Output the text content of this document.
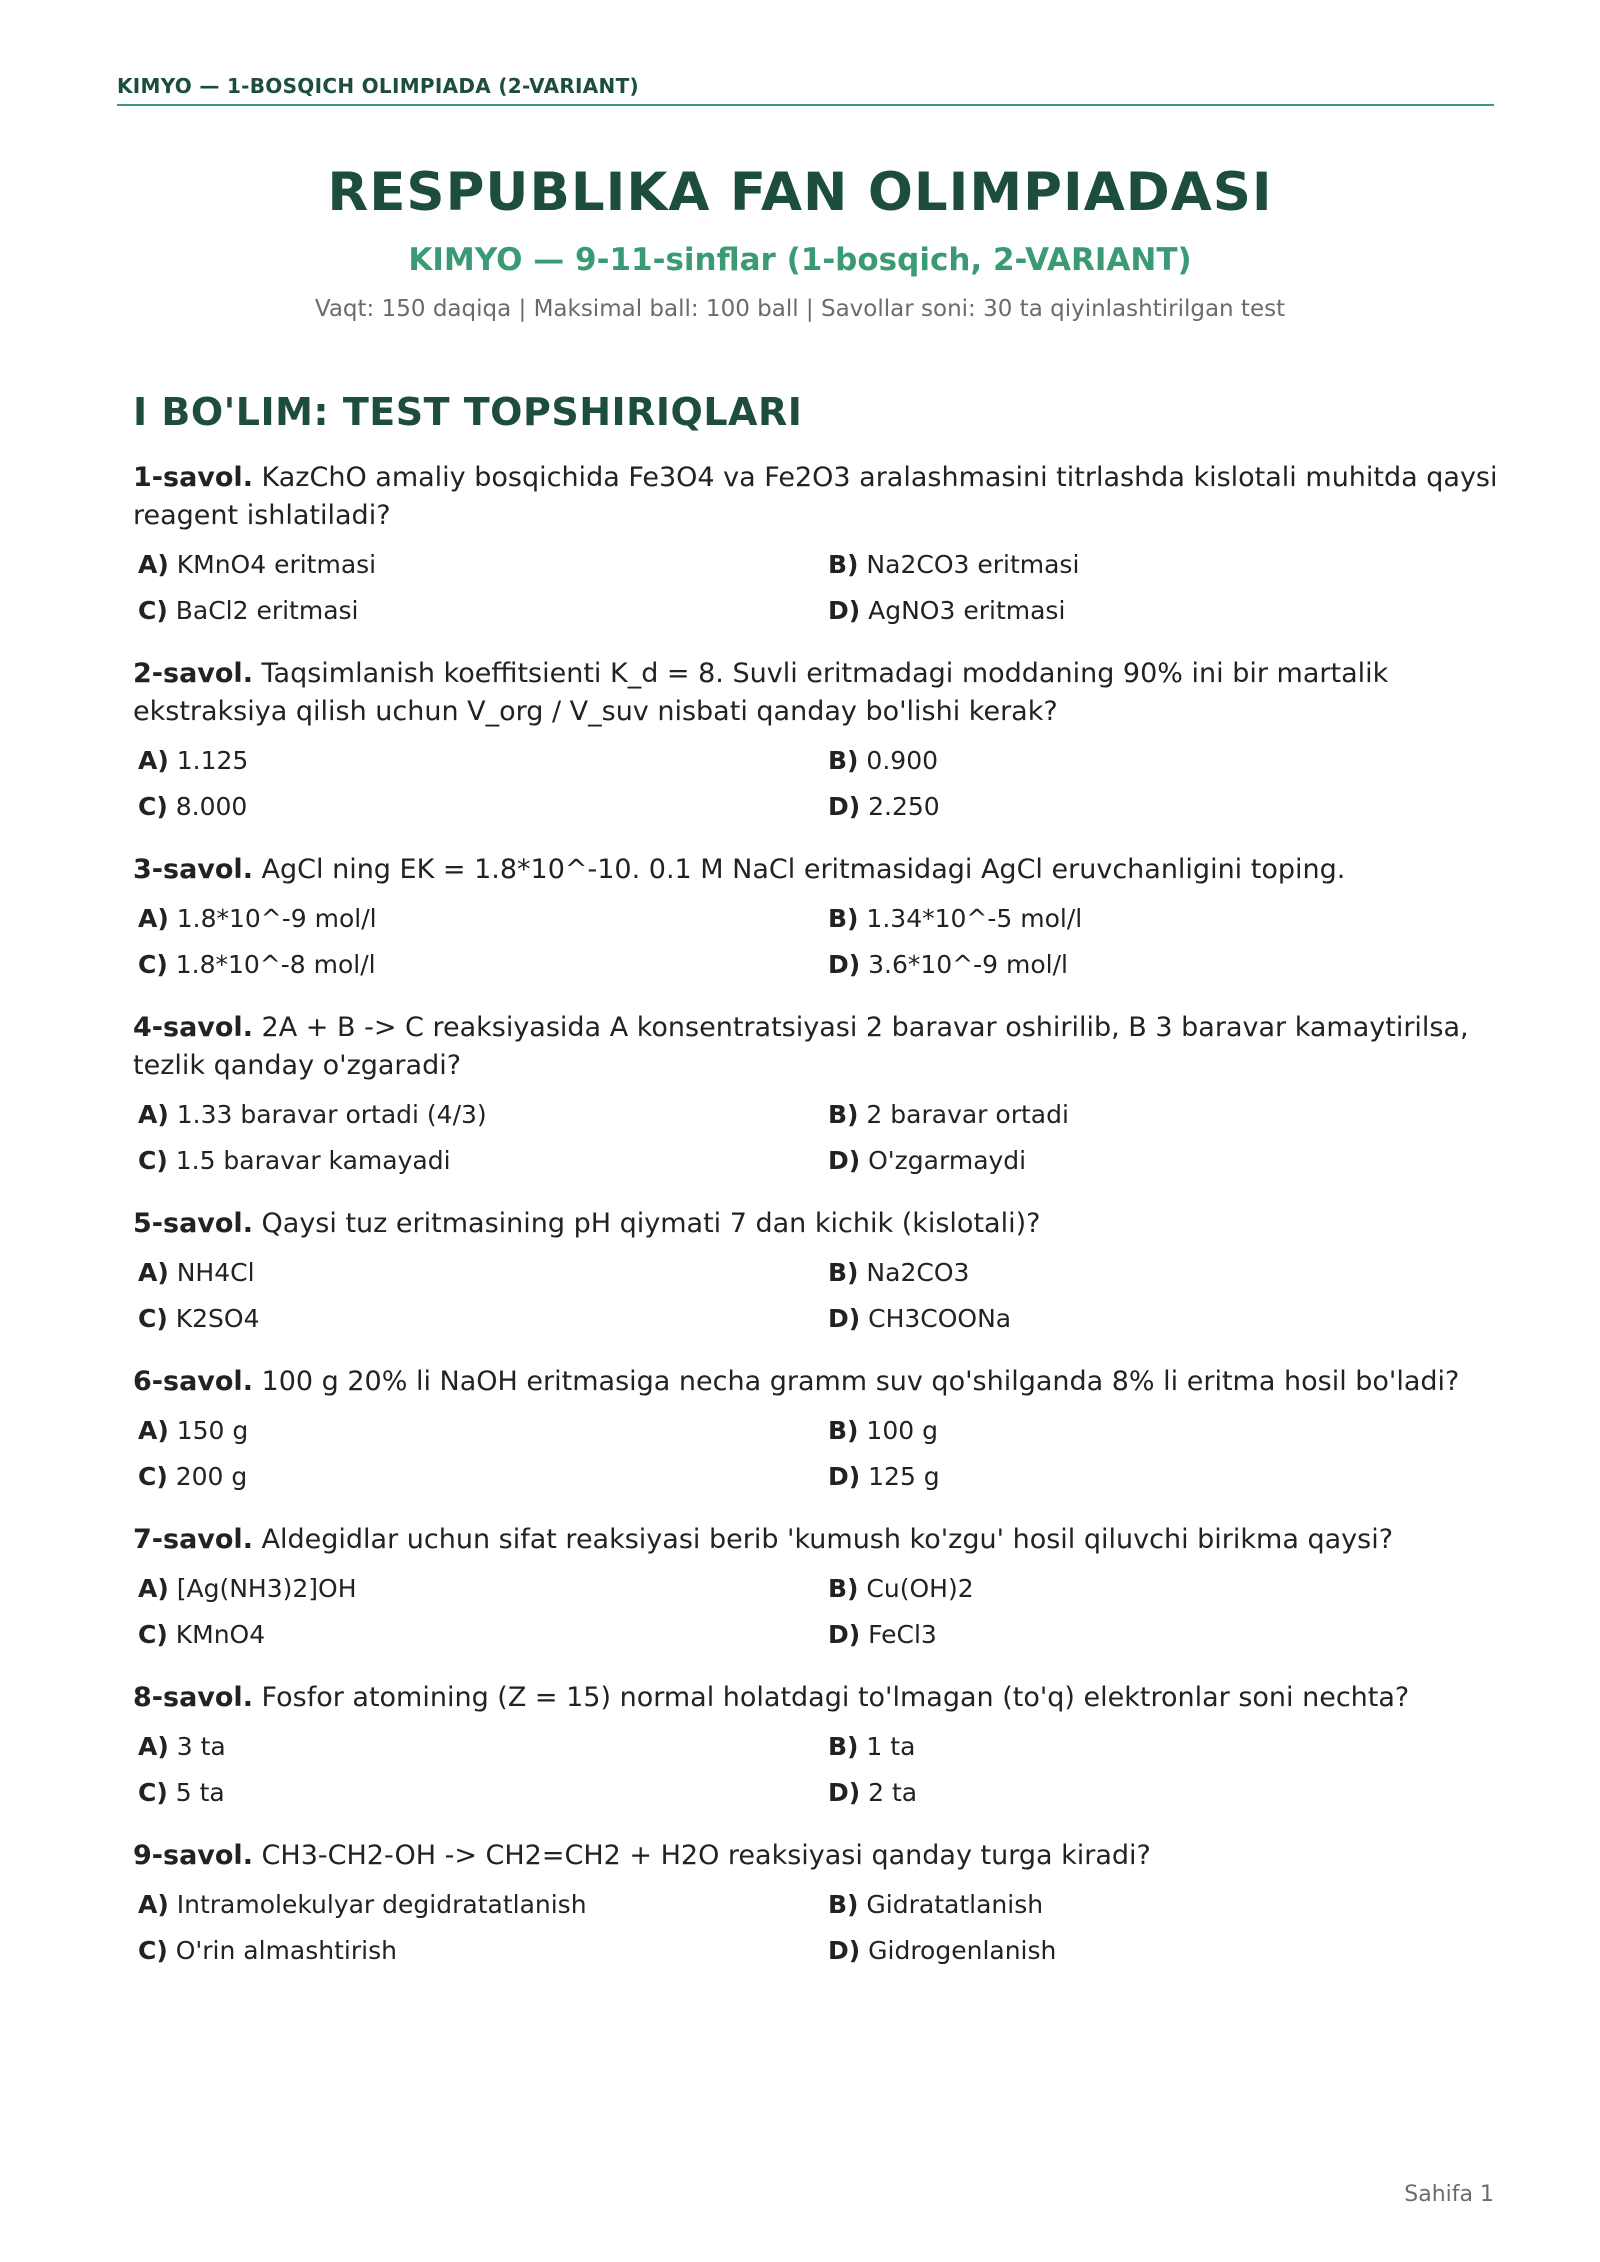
KIMYO — 1-BOSQICH OLIMPIADA (2-VARIANT)
RESPUBLIKA FAN OLIMPIADASI
KIMYO — 9-11-sinflar (1-bosqich, 2-VARIANT)
Vaqt: 150 daqiqa | Maksimal ball: 100 ball | Savollar soni: 30 ta qiyinlashtirilgan test
I BO'LIM: TEST TOPSHIRIQLARI
1-savol. KazChO amaliy bosqichida Fe3O4 va Fe2O3 aralashmasini titrlashda kislotali muhitda qaysi reagent ishlatiladi?
A) KMnO4 eritmasi	B) Na2CO3 eritmasi
C) BaCl2 eritmasi	D) AgNO3 eritmasi
2-savol. Taqsimlanish koeffitsienti K_d = 8. Suvli eritmadagi moddaning 90% ini bir martalik ekstraksiya qilish uchun V_org / V_suv nisbati qanday bo'lishi kerak?
A) 1.125	B) 0.900
C) 8.000	D) 2.250
3-savol. AgCl ning EK = 1.8*10^-10. 0.1 M NaCl eritmasidagi AgCl eruvchanligini toping.
A) 1.8*10^-9 mol/l	B) 1.34*10^-5 mol/l
C) 1.8*10^-8 mol/l	D) 3.6*10^-9 mol/l
4-savol. 2A + B -> C reaksiyasida A konsentratsiyasi 2 baravar oshirilib, B 3 baravar kamaytirilsa, tezlik qanday o'zgaradi?
A) 1.33 baravar ortadi (4/3)	B) 2 baravar ortadi
C) 1.5 baravar kamayadi	D) O'zgarmaydi
5-savol. Qaysi tuz eritmasining pH qiymati 7 dan kichik (kislotali)?
A) NH4Cl	B) Na2CO3
C) K2SO4	D) CH3COONa
6-savol. 100 g 20% li NaOH eritmasiga necha gramm suv qo'shilganda 8% li eritma hosil bo'ladi?
A) 150 g	B) 100 g
C) 200 g	D) 125 g
7-savol. Aldegidlar uchun sifat reaksiyasi berib 'kumush ko'zgu' hosil qiluvchi birikma qaysi?
A) [Ag(NH3)2]OH	B) Cu(OH)2
C) KMnO4	D) FeCl3
8-savol. Fosfor atomining (Z = 15) normal holatdagi to'lmagan (to'q) elektronlar soni nechta?
A) 3 ta	B) 1 ta
C) 5 ta	D) 2 ta
9-savol. CH3-CH2-OH -> CH2=CH2 + H2O reaksiyasi qanday turga kiradi?
A) Intramolekulyar degidratatlanish	B) Gidratatlanish
C) O'rin almashtirish	D) Gidrogenlanish
Sahifa 1
